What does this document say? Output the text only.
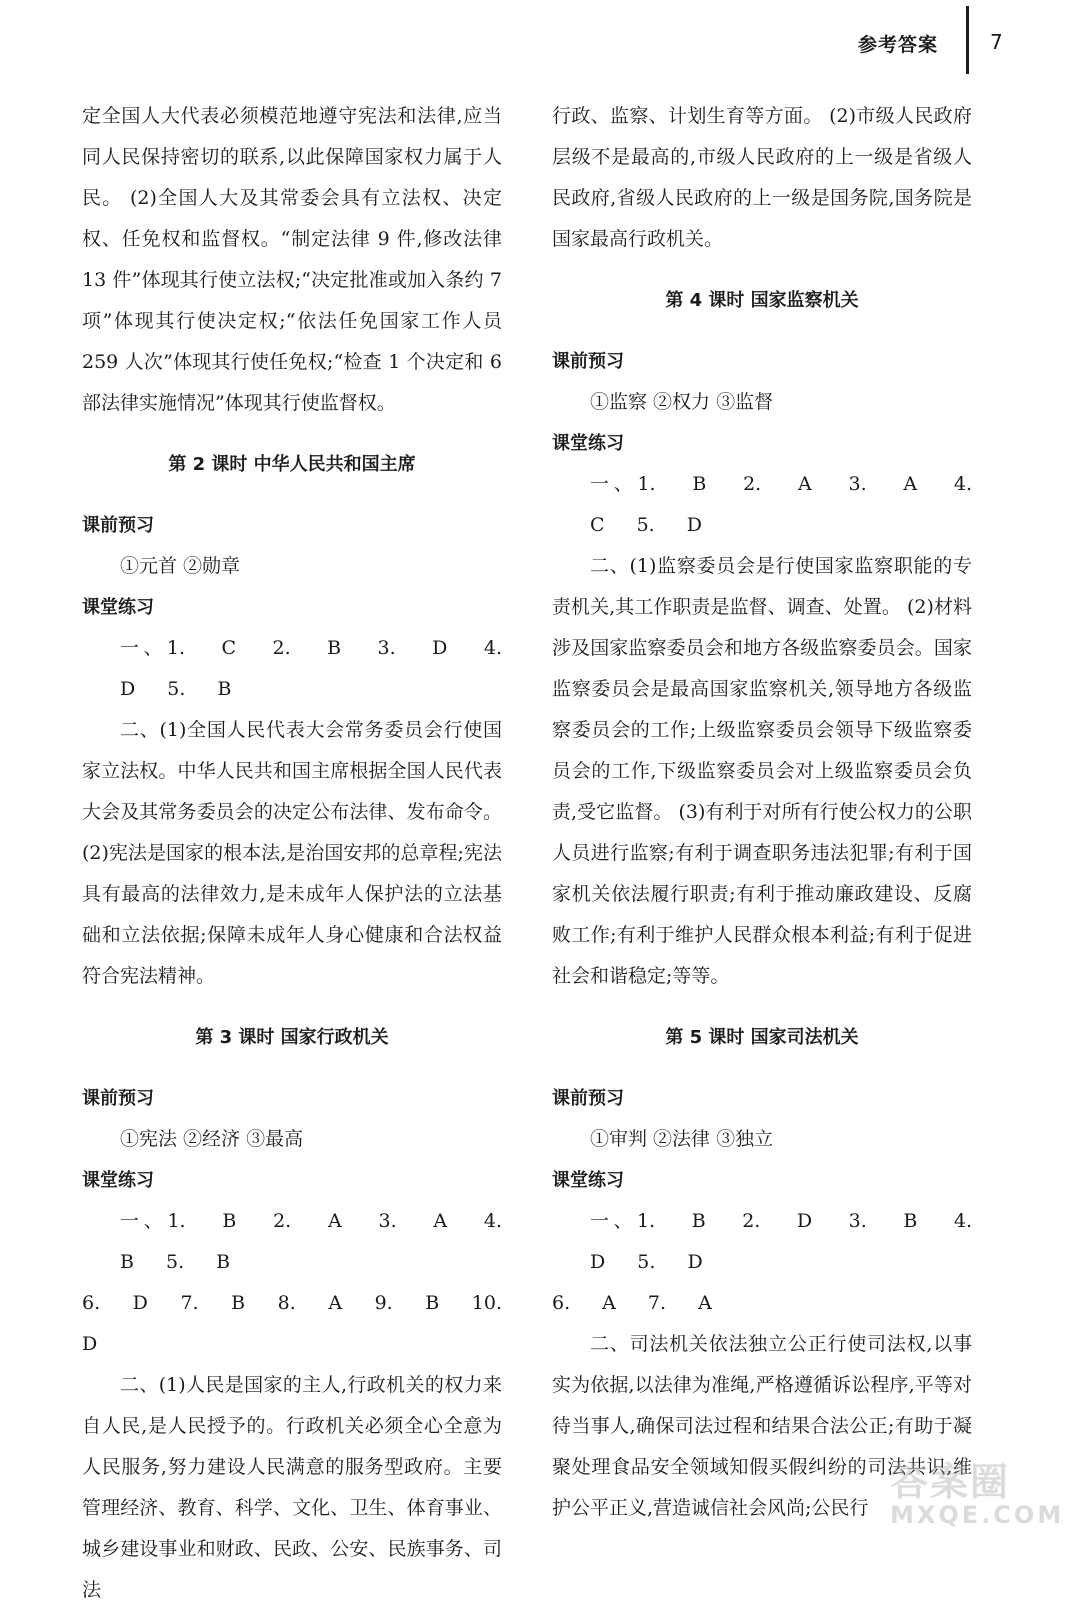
参考答案	7

定全国人大代表必须模范地遵守宪法和法律,应当同人民保持密切的联系,以此保障国家权力属于人民。 (2)全国人大及其常委会具有立法权、决定权、任免权和监督权。“制定法律 9 件,修改法律 13 件”体现其行使立法权;“决定批准或加入条约 7 项”体现其行使决定权;“依法任免国家工作人员 259 人次”体现其行使任免权;“检查 1 个决定和 6 部法律实施情况”体现其行使监督权。

第 2 课时 中华人民共和国主席
课前预习

①元首 ②勋章

课堂练习

一、1. C 2. B 3. D 4. D 5. B

二、(1)全国人民代表大会常务委员会行使国家立法权。中华人民共和国主席根据全国人民代表大会及其常务委员会的决定公布法律、发布命令。 (2)宪法是国家的根本法,是治国安邦的总章程;宪法具有最高的法律效力,是未成年人保护法的立法基础和立法依据;保障未成年人身心健康和合法权益符合宪法精神。

第 3 课时 国家行政机关
课前预习

①宪法 ②经济 ③最高

课堂练习

一、1. B 2. A 3. A 4. B 5. B

6. D 7. B 8. A 9. B 10. D

二、(1)人民是国家的主人,行政机关的权力来自人民,是人民授予的。行政机关必须全心全意为人民服务,努力建设人民满意的服务型政府。主要管理经济、教育、科学、文化、卫生、体育事业、城乡建设事业和财政、民政、公安、民族事务、司法

行政、监察、计划生育等方面。 (2)市级人民政府层级不是最高的,市级人民政府的上一级是省级人民政府,省级人民政府的上一级是国务院,国务院是国家最高行政机关。

第 4 课时 国家监察机关
课前预习

①监察 ②权力 ③监督

课堂练习

一、1. B 2. A 3. A 4. C 5. D

二、(1)监察委员会是行使国家监察职能的专责机关,其工作职责是监督、调查、处置。 (2)材料涉及国家监察委员会和地方各级监察委员会。国家监察委员会是最高国家监察机关,领导地方各级监察委员会的工作;上级监察委员会领导下级监察委员会的工作,下级监察委员会对上级监察委员会负责,受它监督。 (3)有利于对所有行使公权力的公职人员进行监察;有利于调查职务违法犯罪;有利于国家机关依法履行职责;有利于推动廉政建设、反腐败工作;有利于维护人民群众根本利益;有利于促进社会和谐稳定;等等。

第 5 课时 国家司法机关
课前预习

①审判 ②法律 ③独立

课堂练习

一、1. B 2. D 3. B 4. D 5. D

6. A 7. A

二、司法机关依法独立公正行使司法权,以事实为依据,以法律为准绳,严格遵循诉讼程序,平等对待当事人,确保司法过程和结果合法公正;有助于凝聚处理食品安全领域知假买假纠纷的司法共识,维护公平正义,营造诚信社会风尚;公民行

答案圈
MXQE.COM
